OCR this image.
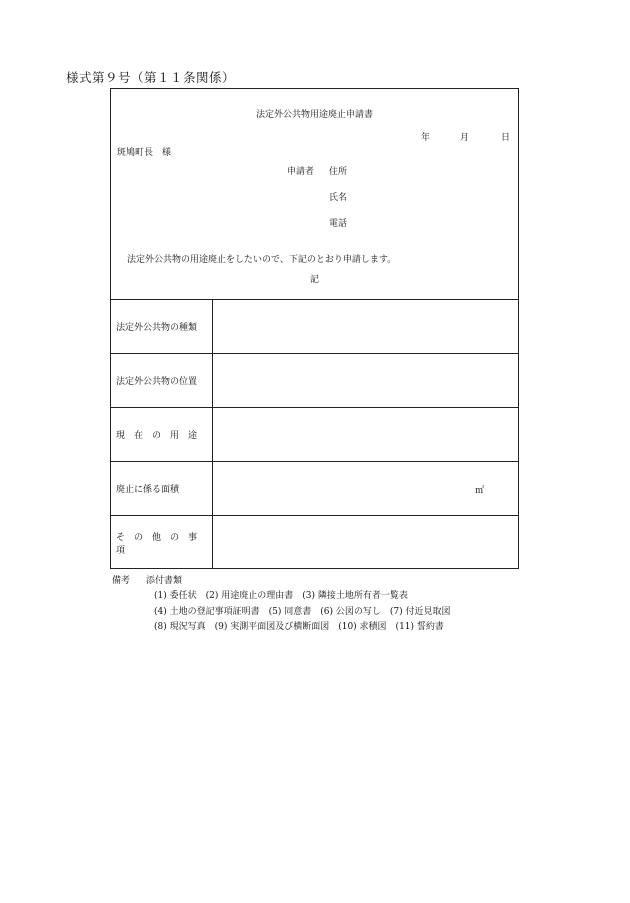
様式第９号（第１１条関係）
法定外公共物用途廃止申請書
年	月	日
斑鳩町長　様
申請者 住所
氏名
電話
法定外公共物の用途廃止をしたいので、下記のとおり申請します。
記
法定外公共物の種類
法定外公共物の位置
現　在　の　用　途
廃止に係る面積	㎡
そ　の　他　の　事　項
備考 添付書類
(1) 委任状　(2) 用途廃止の理由書　(3) 隣接土地所有者一覧表
(4) 土地の登記事項証明書　(5) 同意書　(6) 公図の写し　(7) 付近見取図
(8) 現況写真　(9) 実測平面図及び横断面図　(10) 求積図　(11) 誓約書
